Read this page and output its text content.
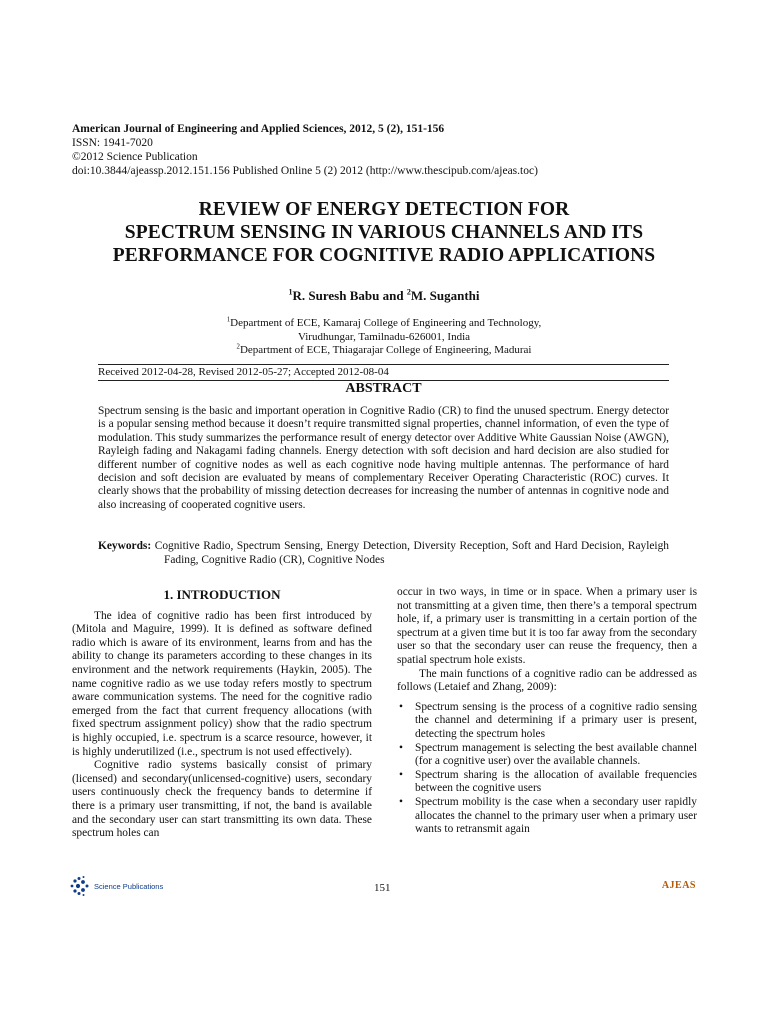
American Journal of Engineering and Applied Sciences, 2012, 5 (2), 151-156
ISSN: 1941-7020
©2012 Science Publication
doi:10.3844/ajeassp.2012.151.156 Published Online 5 (2) 2012 (http://www.thescipub.com/ajeas.toc)
REVIEW OF ENERGY DETECTION FOR
SPECTRUM SENSING IN VARIOUS CHANNELS AND ITS
PERFORMANCE FOR COGNITIVE RADIO APPLICATIONS
$^1$R. Suresh Babu and $^2$M. Suganthi
$^1$Department of ECE, Kamaraj College of Engineering and Technology,
Virudhungar, Tamilnadu-626001, India
$^2$Department of ECE, Thiagarajar College of Engineering, Madurai
Received 2012-04-28, Revised 2012-05-27; Accepted 2012-08-04
ABSTRACT
Spectrum sensing is the basic and important operation in Cognitive Radio (CR) to find the unused spectrum. Energy detector is a popular sensing method because it doesn’t require transmitted signal properties, channel information, of even the type of modulation. This study summarizes the performance result of energy detector over Additive White Gaussian Noise (AWGN), Rayleigh fading and Nakagami fading channels. Energy detection with soft decision and hard decision are also studied for different number of cognitive nodes as well as each cognitive node having multiple antennas. The performance of hard decision and soft decision are evaluated by means of complementary Receiver Operating Characteristic (ROC) curves. It clearly shows that the probability of missing detection decreases for increasing the number of antennas in cognitive node and also increasing of cooperated cognitive users.
Keywords: Cognitive Radio, Spectrum Sensing, Energy Detection, Diversity Reception, Soft and Hard Decision, Rayleigh Fading, Cognitive Radio (CR), Cognitive Nodes
1. INTRODUCTION

The idea of cognitive radio has been first introduced by (Mitola and Maguire, 1999). It is defined as software defined radio which is aware of its environment, learns from and has the ability to change its parameters according to these changes in its environment and the network requirements (Haykin, 2005). The name cognitive radio as we use today refers mostly to spectrum aware communication systems. The need for the cognitive radio emerged from the fact that current frequency allocations (with fixed spectrum assignment policy) show that the radio spectrum is highly occupied, i.e. spectrum is a scarce resource, however, it is highly underutilized (i.e., spectrum is not used effectively).

Cognitive radio systems basically consist of primary (licensed) and secondary(unlicensed-cognitive) users, secondary users continuously check the frequency bands to determine if there is a primary user transmitting, if not, the band is available and the secondary user can start transmitting its own data. These spectrum holes can

occur in two ways, in time or in space. When a primary user is not transmitting at a given time, then there’s a temporal spectrum hole, if, a primary user is transmitting in a certain portion of the spectrum at a given time but it is too far away from the secondary user so that the secondary user can reuse the frequency, then a spatial spectrum hole exists.

The main functions of a cognitive radio can be addressed as follows (Letaief and Zhang, 2009):

• Spectrum sensing is the process of a cognitive radio sensing the channel and determining if a primary user is present, detecting the spectrum holes
• Spectrum management is selecting the best available channel (for a cognitive user) over the available channels.
• Spectrum sharing is the allocation of available frequencies between the cognitive users
• Spectrum mobility is the case when a secondary user rapidly allocates the channel to the primary user when a primary user wants to retransmit again
Science Publications	151	AJEAS
